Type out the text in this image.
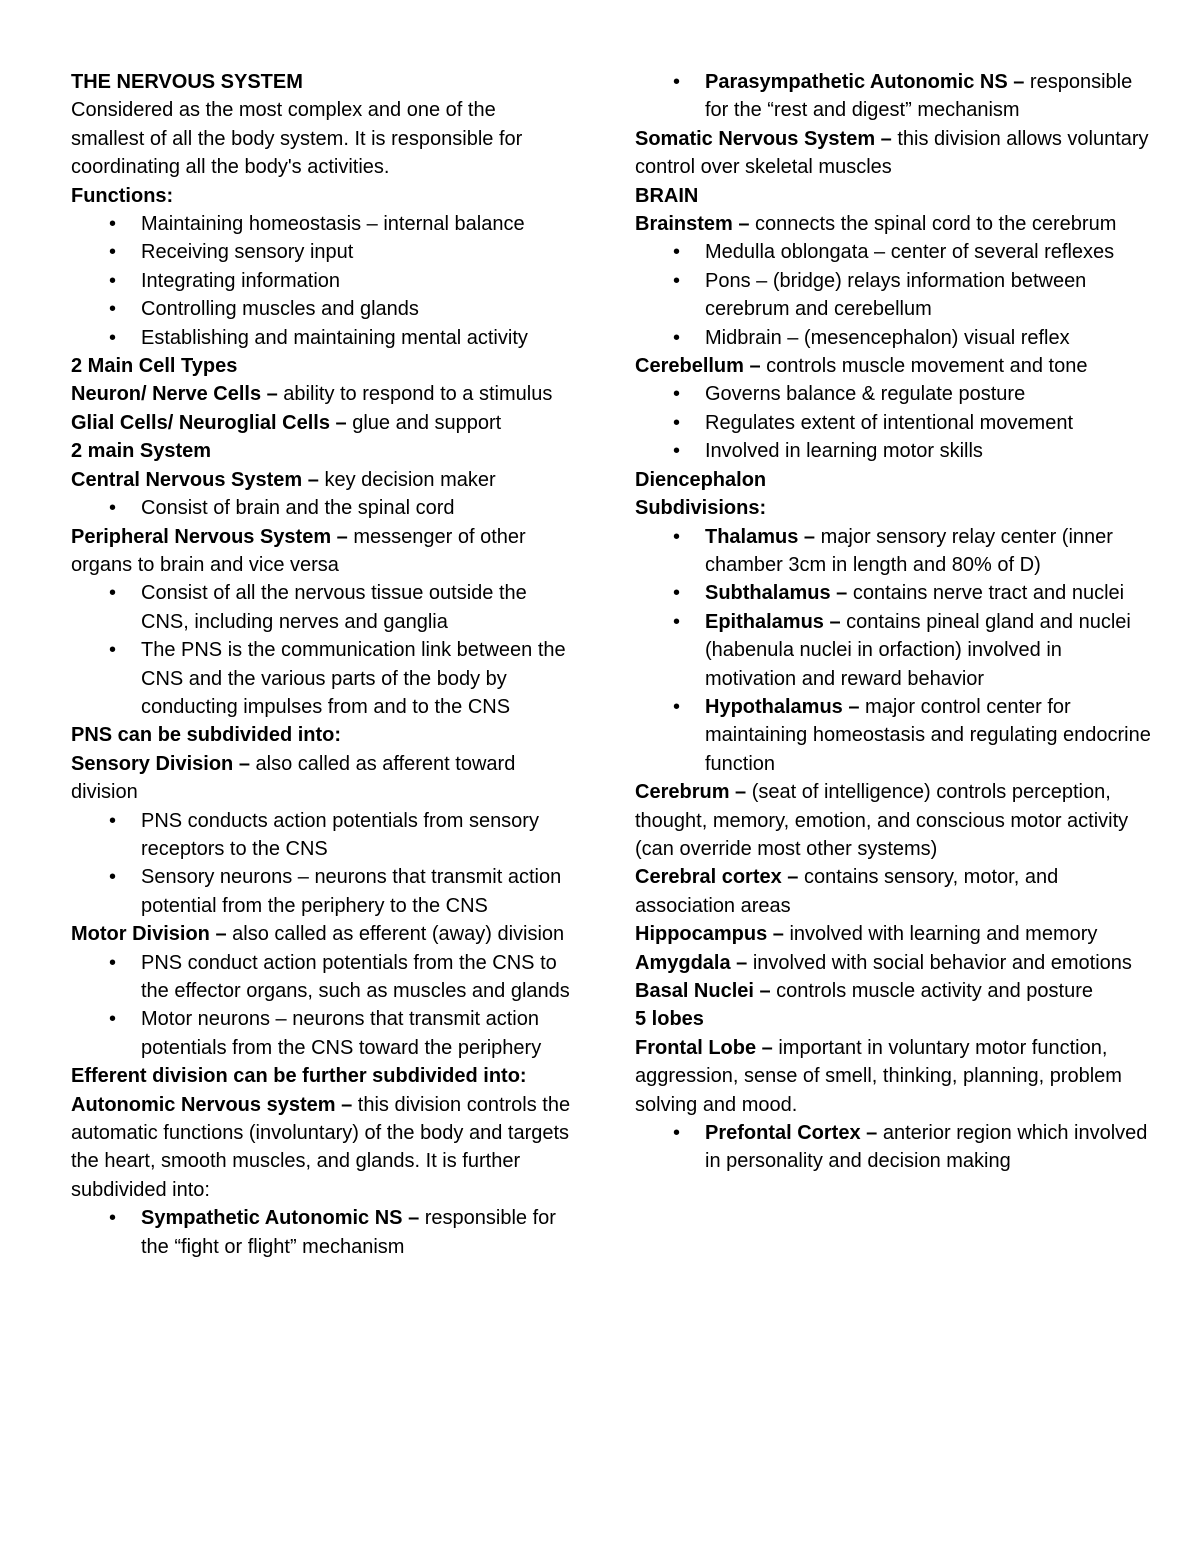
THE NERVOUS SYSTEM

Considered as the most complex and one of the smallest of all the body system. It is responsible for coordinating all the body's activities.

Functions:

• Maintaining homeostasis – internal balance
• Receiving sensory input
• Integrating information
• Controlling muscles and glands
• Establishing and maintaining mental activity

2 Main Cell Types

Neuron/ Nerve Cells – ability to respond to a stimulus

Glial Cells/ Neuroglial Cells – glue and support

2 main System

Central Nervous System – key decision maker

• Consist of brain and the spinal cord

Peripheral Nervous System – messenger of other organs to brain and vice versa

• Consist of all the nervous tissue outside the CNS, including nerves and ganglia
• The PNS is the communication link between the CNS and the various parts of the body by conducting impulses from and to the CNS

PNS can be subdivided into:

Sensory Division – also called as afferent toward division

• PNS conducts action potentials from sensory receptors to the CNS
• Sensory neurons – neurons that transmit action potential from the periphery to the CNS

Motor Division – also called as efferent (away) division

• PNS conduct action potentials from the CNS to the effector organs, such as muscles and glands
• Motor neurons – neurons that transmit action potentials from the CNS toward the periphery

Efferent division can be further subdivided into:

Autonomic Nervous system – this division controls the automatic functions (involuntary) of the body and targets the heart, smooth muscles, and glands. It is further subdivided into:

• Sympathetic Autonomic NS – responsible for the “fight or flight” mechanism
• Parasympathetic Autonomic NS – responsible for the “rest and digest” mechanism

Somatic Nervous System – this division allows voluntary control over skeletal muscles

BRAIN

Brainstem – connects the spinal cord to the cerebrum

• Medulla oblongata – center of several reflexes
• Pons – (bridge) relays information between cerebrum and cerebellum
• Midbrain – (mesencephalon) visual reflex

Cerebellum – controls muscle movement and tone

• Governs balance & regulate posture
• Regulates extent of intentional movement
• Involved in learning motor skills

Diencephalon

Subdivisions:

• Thalamus – major sensory relay center (inner chamber 3cm in length and 80% of D)
• Subthalamus – contains nerve tract and nuclei
• Epithalamus – contains pineal gland and nuclei (habenula nuclei in orfaction) involved in motivation and reward behavior
• Hypothalamus – major control center for maintaining homeostasis and regulating endocrine function

Cerebrum – (seat of intelligence) controls perception, thought, memory, emotion, and conscious motor activity (can override most other systems)

Cerebral cortex – contains sensory, motor, and association areas

Hippocampus – involved with learning and memory

Amygdala – involved with social behavior and emotions

Basal Nuclei – controls muscle activity and posture

5 lobes

Frontal Lobe – important in voluntary motor function, aggression, sense of smell, thinking, planning, problem solving and mood.

• Prefontal Cortex – anterior region which involved in personality and decision making
